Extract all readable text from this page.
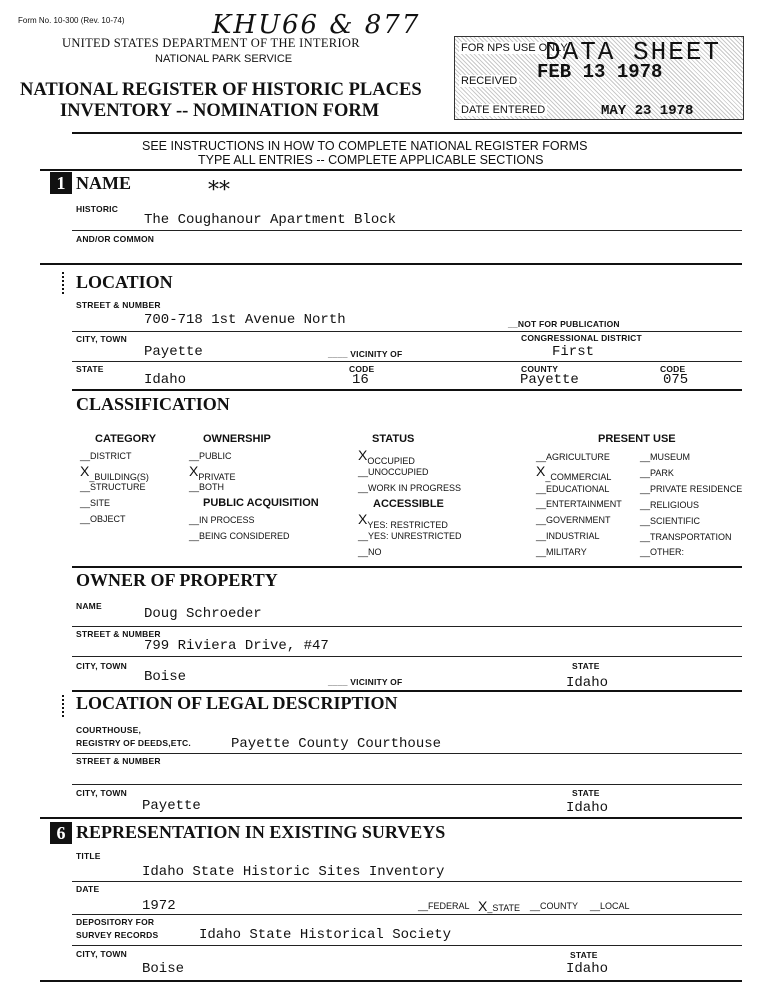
Form No. 10-300 (Rev. 10-74)	KHU66 & 877
UNITED STATES DEPARTMENT OF THE INTERIOR
NATIONAL PARK SERVICE
NATIONAL REGISTER OF HISTORIC PLACES
INVENTORY -- NOMINATION FORM
FOR NPS USE ONLY
DATA SHEET
RECEIVED FEB 13 1978
DATE ENTERED	MAY 23 1978
SEE INSTRUCTIONS IN HOW TO COMPLETE NATIONAL REGISTER FORMS
TYPE ALL ENTRIES -- COMPLETE APPLICABLE SECTIONS
1 NAME	**
HISTORIC
The Coughanour Apartment Block
AND/OR COMMON
LOCATION
STREET & NUMBER
700-718 1st Avenue North	__NOT FOR PUBLICATION
CITY, TOWN	CONGRESSIONAL DISTRICT
Payette	____ VICINITY OF	First
STATE	CODE	COUNTY	CODE
Idaho	16	Payette	075
CLASSIFICATION
CATEGORY	OWNERSHIP	STATUS	PRESENT USE
__DISTRICT
X_BUILDING(S)
__STRUCTURE
__SITE
__OBJECT
__PUBLIC
XPRIVATE
__BOTH
PUBLIC ACQUISITION
__IN PROCESS
__BEING CONSIDERED
XOCCUPIED
__UNOCCUPIED
__WORK IN PROGRESS
ACCESSIBLE
XYES: RESTRICTED
__YES: UNRESTRICTED
__NO
__AGRICULTURE
X_COMMERCIAL
__EDUCATIONAL
__ENTERTAINMENT
__GOVERNMENT
__INDUSTRIAL
__MILITARY
__MUSEUM
__PARK
__PRIVATE RESIDENCE
__RELIGIOUS
__SCIENTIFIC
__TRANSPORTATION
__OTHER:
OWNER OF PROPERTY
NAME	Doug Schroeder
STREET & NUMBER
799 Riviera Drive, #47
CITY, TOWN	STATE
Boise	____ VICINITY OF	Idaho
LOCATION OF LEGAL DESCRIPTION
COURTHOUSE,
REGISTRY OF DEEDS,ETC.	Payette County Courthouse
STREET & NUMBER
CITY, TOWN	STATE
Payette	Idaho
6 REPRESENTATION IN EXISTING SURVEYS
TITLE
Idaho State Historic Sites Inventory
DATE
1972	__FEDERAL X_STATE __COUNTY __LOCAL
DEPOSITORY FOR
SURVEY RECORDS	Idaho State Historical Society
CITY, TOWN	STATE
Boise	Idaho
